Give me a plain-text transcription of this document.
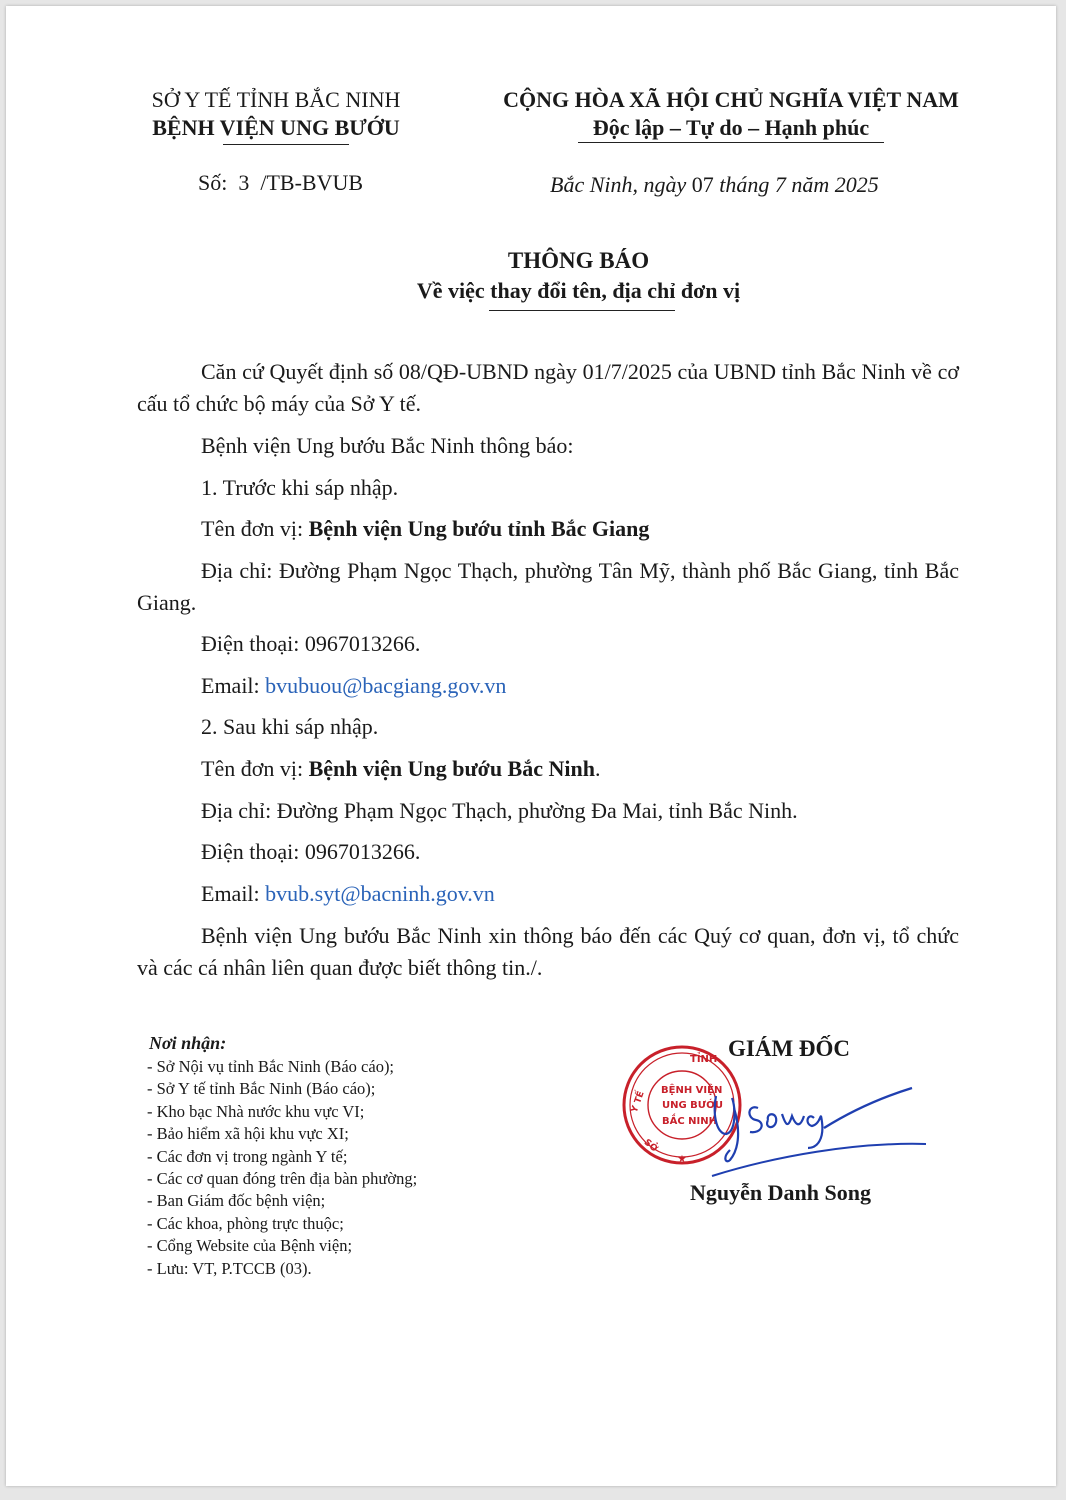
SỞ Y TẾ TỈNH BẮC NINH
BỆNH VIỆN UNG BƯỚU
CỘNG HÒA XÃ HỘI CHỦ NGHĨA VIỆT NAM
Độc lập – Tự do – Hạnh phúc
Số: 3 /TB-BVUB	Bắc Ninh, ngày 07 tháng 7 năm 2025
THÔNG BÁO
Về việc thay đổi tên, địa chỉ đơn vị
Căn cứ Quyết định số 08/QĐ-UBND ngày 01/7/2025 của UBND tỉnh Bắc Ninh về cơ cấu tổ chức bộ máy của Sở Y tế.
Bệnh viện Ung bướu Bắc Ninh thông báo:
1. Trước khi sáp nhập.
Tên đơn vị: Bệnh viện Ung bướu tỉnh Bắc Giang
Địa chỉ: Đường Phạm Ngọc Thạch, phường Tân Mỹ, thành phố Bắc Giang, tỉnh Bắc Giang.
Điện thoại: 0967013266.
Email: bvubuou@bacgiang.gov.vn
2. Sau khi sáp nhập.
Tên đơn vị: Bệnh viện Ung bướu Bắc Ninh.
Địa chỉ: Đường Phạm Ngọc Thạch, phường Đa Mai, tỉnh Bắc Ninh.
Điện thoại: 0967013266.
Email: bvub.syt@bacninh.gov.vn
Bệnh viện Ung bướu Bắc Ninh xin thông báo đến các Quý cơ quan, đơn vị, tổ chức và các cá nhân liên quan được biết thông tin./.
Nơi nhận:
- Sở Nội vụ tỉnh Bắc Ninh (Báo cáo);
- Sở Y tế tỉnh Bắc Ninh (Báo cáo);
- Kho bạc Nhà nước khu vực VI;
- Bảo hiểm xã hội khu vực XI;
- Các đơn vị trong ngành Y tế;
- Các cơ quan đóng trên địa bàn phường;
- Ban Giám đốc bệnh viện;
- Các khoa, phòng trực thuộc;
- Cổng Website của Bệnh viện;
- Lưu: VT, P.TCCB (03).
GIÁM ĐỐC
TỈNH
BỆNH VIỆN
UNG BƯỚU
BẮC NINH
Y TẾ
SỞ
★
Nguyễn Danh Song
